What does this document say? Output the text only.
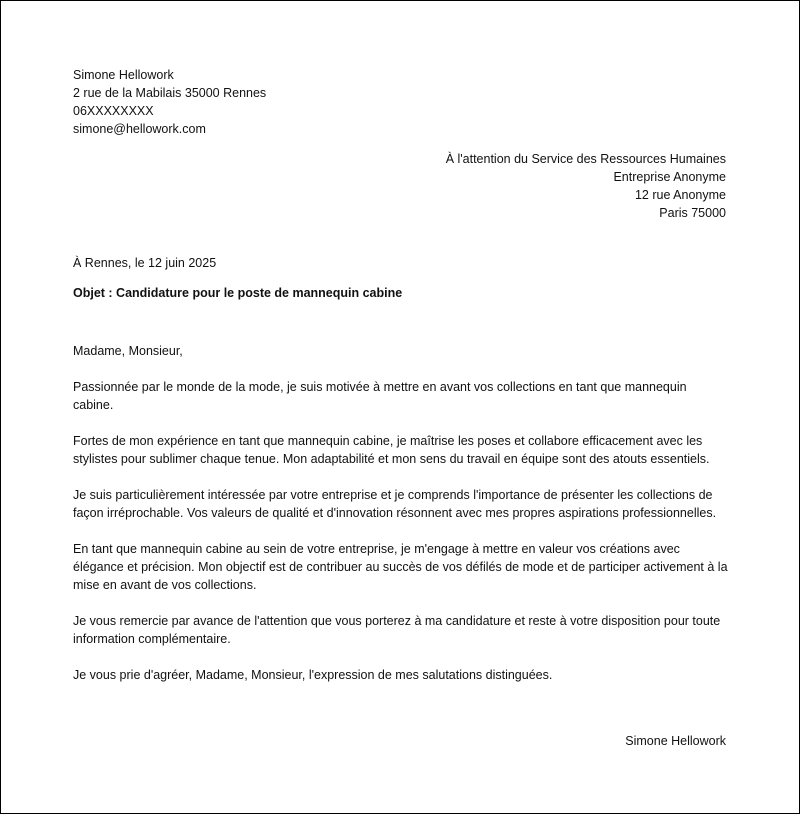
Simone Hellowork
2 rue de la Mabilais 35000 Rennes
06XXXXXXXX
simone@hellowork.com
À l'attention du Service des Ressources Humaines
Entreprise Anonyme
12 rue Anonyme
Paris 75000
À Rennes, le 12 juin 2025
Objet : Candidature pour le poste de mannequin cabine

Madame, Monsieur,

Passionnée par le monde de la mode, je suis motivée à mettre en avant vos collections en tant que mannequin cabine.

Fortes de mon expérience en tant que mannequin cabine, je maîtrise les poses et collabore efficacement avec les stylistes pour sublimer chaque tenue. Mon adaptabilité et mon sens du travail en équipe sont des atouts essentiels.

Je suis particulièrement intéressée par votre entreprise et je comprends l'importance de présenter les collections de façon irréprochable. Vos valeurs de qualité et d'innovation résonnent avec mes propres aspirations professionnelles.

En tant que mannequin cabine au sein de votre entreprise, je m'engage à mettre en valeur vos créations avec élégance et précision. Mon objectif est de contribuer au succès de vos défilés de mode et de participer activement à la mise en avant de vos collections.

Je vous remercie par avance de l'attention que vous porterez à ma candidature et reste à votre disposition pour toute information complémentaire.

Je vous prie d'agréer, Madame, Monsieur, l'expression de mes salutations distinguées.

Simone Hellowork
